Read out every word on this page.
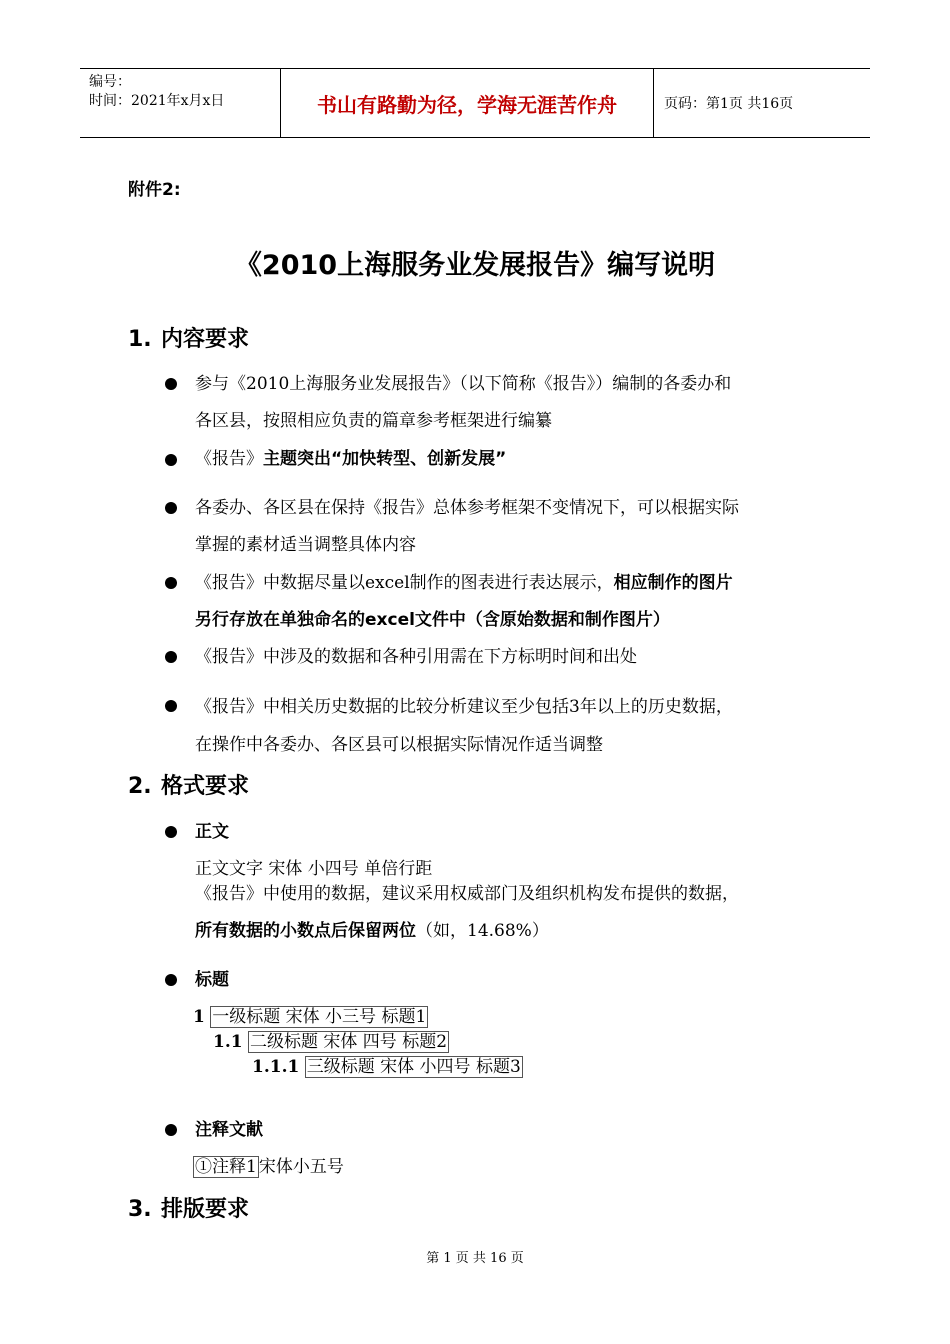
编号：
时间：2021年x月x日	书山有路勤为径，学海无涯苦作舟	页码：第1页 共16页
附件2:
《2010上海服务业发展报告》编写说明
1. 内容要求
参与《2010上海服务业发展报告》（以下简称《报告》）编制的各委办和
各区县，按照相应负责的篇章参考框架进行编纂
《报告》主题突出“加快转型、创新发展”
各委办、各区县在保持《报告》总体参考框架不变情况下，可以根据实际
掌握的素材适当调整具体内容
《报告》中数据尽量以excel制作的图表进行表达展示，相应制作的图片
另行存放在单独命名的excel文件中（含原始数据和制作图片）
《报告》中涉及的数据和各种引用需在下方标明时间和出处
《报告》中相关历史数据的比较分析建议至少包括3年以上的历史数据，
在操作中各委办、各区县可以根据实际情况作适当调整
2. 格式要求
正文
正文文字 宋体 小四号 单倍行距
《报告》中使用的数据，建议采用权威部门及组织机构发布提供的数据，
所有数据的小数点后保留两位（如，14.68%）
标题
1 一级标题 宋体 小三号 标题1
1.1 二级标题 宋体 四号 标题2
1.1.1 三级标题 宋体 小四号 标题3
注释文献
①注释1 宋体小五号
3. 排版要求
第 1 页 共 16 页
